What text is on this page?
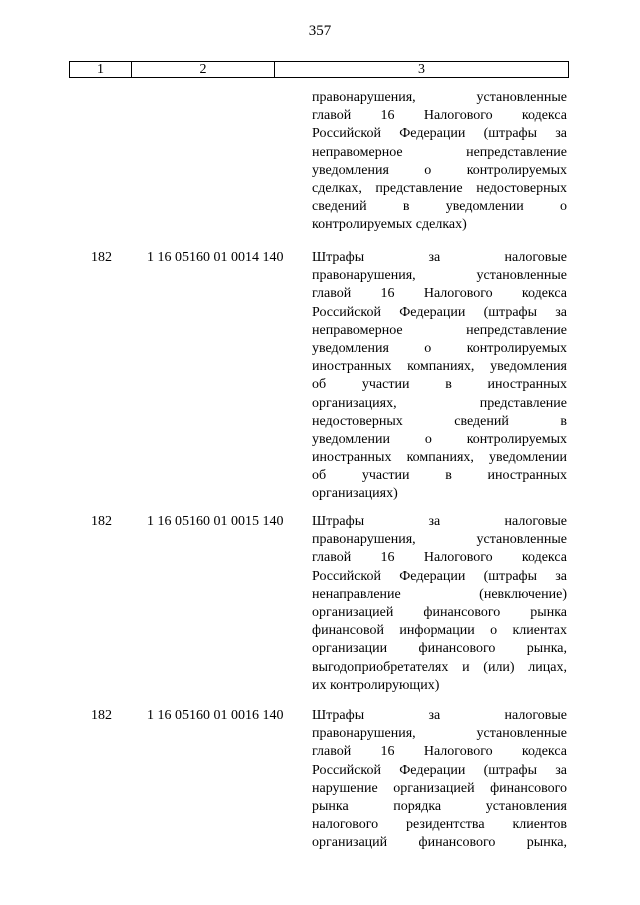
357
1	2	3
правонарушения, установленные
главой 16 Налогового кодекса
Российской Федерации (штрафы за
неправомерное непредставление
уведомления о контролируемых
сделках, представление недостоверных
сведений в уведомлении о
контролируемых сделках)
182	1 16 05160 01 0014 140 Штрафы за налоговые
правонарушения, установленные
главой 16 Налогового кодекса
Российской Федерации (штрафы за
неправомерное непредставление
уведомления о контролируемых
иностранных компаниях, уведомления
об участии в иностранных
организациях, представление
недостоверных сведений в
уведомлении о контролируемых
иностранных компаниях, уведомлении
об участии в иностранных
организациях)
182	1 16 05160 01 0015 140 Штрафы за налоговые
правонарушения, установленные
главой 16 Налогового кодекса
Российской Федерации (штрафы за
ненаправление (невключение)
организацией финансового рынка
финансовой информации о клиентах
организации финансового рынка,
выгодоприобретателях и (или) лицах,
их контролирующих)
182	1 16 05160 01 0016 140 Штрафы за налоговые
правонарушения, установленные
главой 16 Налогового кодекса
Российской Федерации (штрафы за
нарушение организацией финансового
рынка порядка установления
налогового резидентства клиентов
организаций финансового рынка,
